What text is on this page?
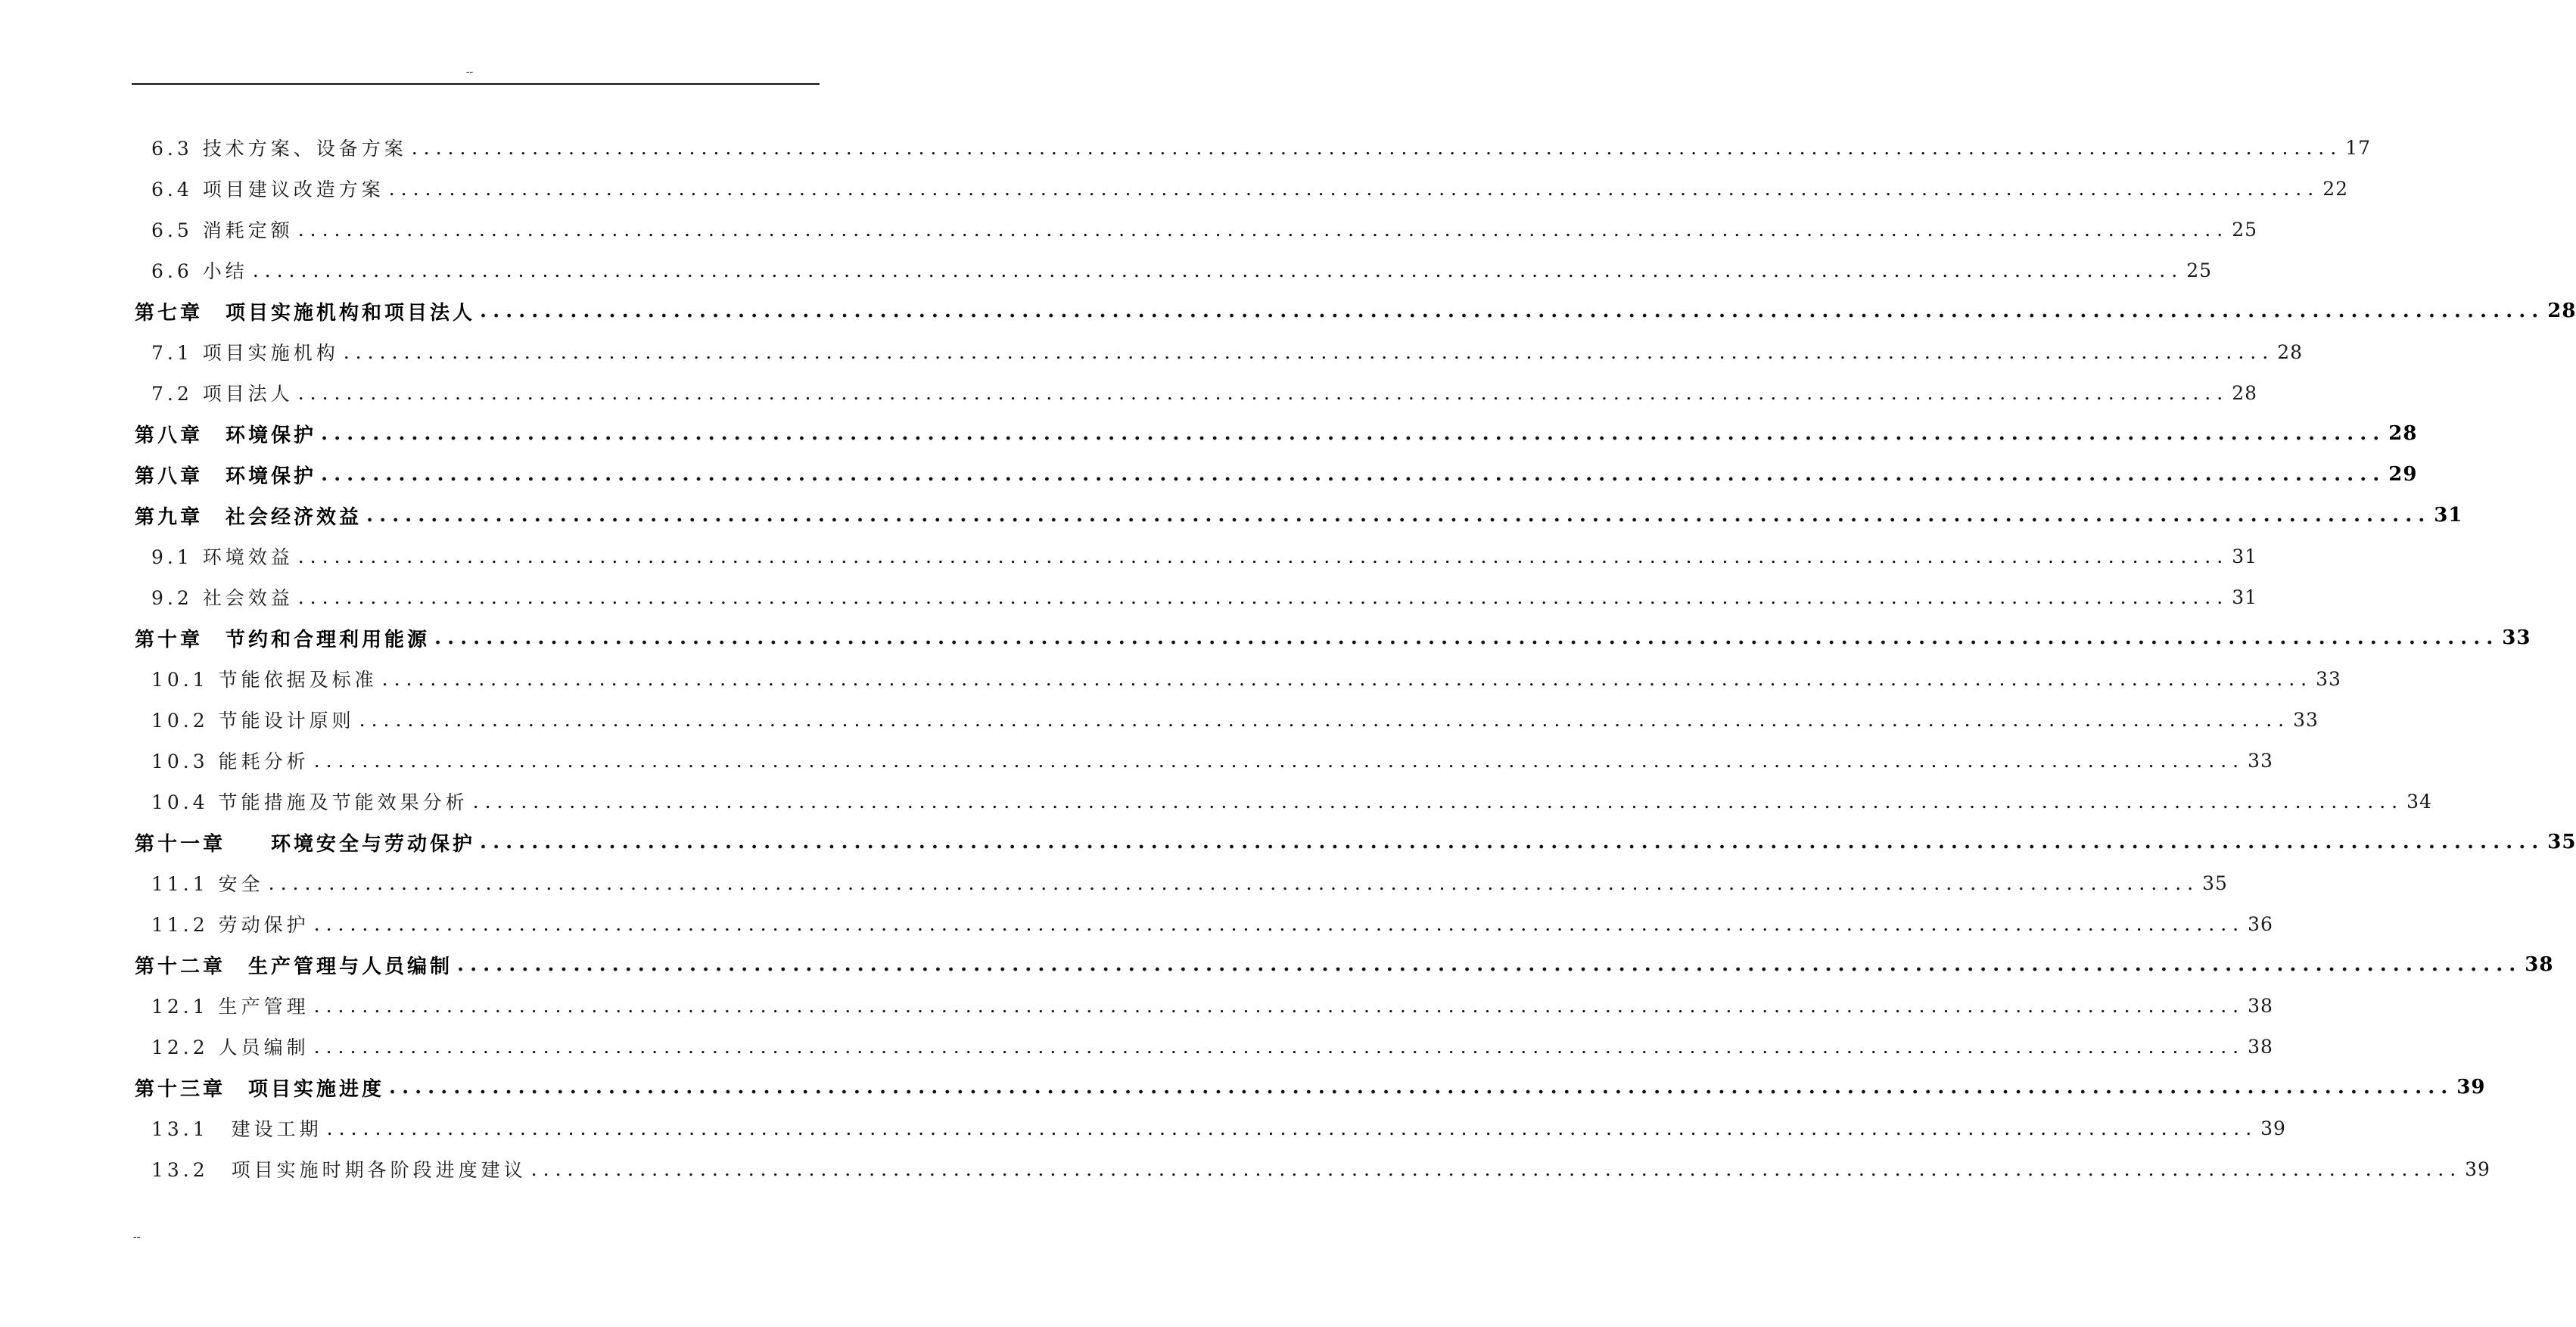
--
6.3 技术方案、设备方案 ................................................................................................................................................................ 17
6.4 项目建议改造方案 ................................................................................................................................................................ 22
6.5 消耗定额 ................................................................................................................................................................ 25
6.6 小结 ................................................................................................................................................................ 25
第七章　项目实施机构和项目法人 ................................................................................................................................................................ 28
7.1 项目实施机构 ................................................................................................................................................................ 28
7.2 项目法人 ................................................................................................................................................................ 28
第八章　环境保护 ................................................................................................................................................................ 28
第八章　环境保护 ................................................................................................................................................................ 29
第九章　社会经济效益 ................................................................................................................................................................ 31
9.1 环境效益 ................................................................................................................................................................ 31
9.2 社会效益 ................................................................................................................................................................ 31
第十章　节约和合理利用能源 ................................................................................................................................................................ 33
10.1 节能依据及标准 ................................................................................................................................................................ 33
10.2 节能设计原则 ................................................................................................................................................................ 33
10.3 能耗分析 ................................................................................................................................................................ 33
10.4 节能措施及节能效果分析 ................................................................................................................................................................ 34
第十一章　　环境安全与劳动保护 ................................................................................................................................................................ 35
11.1 安全 ................................................................................................................................................................ 35
11.2 劳动保护 ................................................................................................................................................................ 36
第十二章　生产管理与人员编制 ................................................................................................................................................................ 38
12.1 生产管理 ................................................................................................................................................................ 38
12.2 人员编制 ................................................................................................................................................................ 38
第十三章　项目实施进度 ................................................................................................................................................................ 39
13.1　建设工期 ................................................................................................................................................................ 39
13.2　项目实施时期各阶段进度建议 ................................................................................................................................................................ 39
--
